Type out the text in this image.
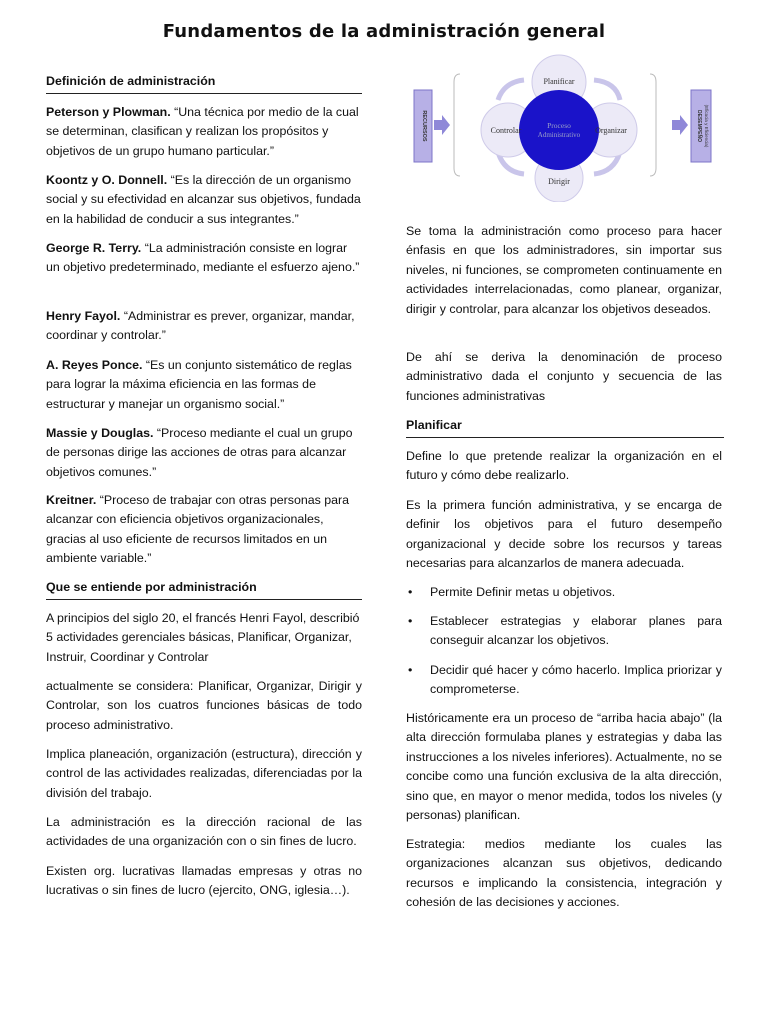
Fundamentos de la administración general
Definición de administración
Peterson y Plowman. “Una técnica por medio de la cual se determinan, clasifican y realizan los propósitos y objetivos de un grupo humano particular.”
Koontz y O. Donnell. “Es la dirección de un organismo social y su efectividad en alcanzar sus objetivos, fundada en la habilidad de conducir a sus integrantes.”
George R. Terry. “La administración consiste en lograr un objetivo predeterminado, mediante el esfuerzo ajeno.”
Henry Fayol. “Administrar es prever, organizar, mandar, coordinar y controlar.”
A. Reyes Ponce. “Es un conjunto sistemático de reglas para lograr la máxima eficiencia en las formas de estructurar y manejar un organismo social.”
Massie y Douglas. “Proceso mediante el cual un grupo de personas dirige las acciones de otras para alcanzar objetivos comunes.”
Kreitner. “Proceso de trabajar con otras personas para alcanzar con eficiencia objetivos organizacionales, gracias al uso eficiente de recursos limitados en un ambiente variable.”
Que se entiende por administración
A principios del siglo 20, el francés Henri Fayol, describió 5 actividades gerenciales básicas, Planificar, Organizar, Instruir, Coordinar y Controlar
actualmente se considera: Planificar, Organizar, Dirigir y Controlar, son los cuatros funciones básicas de todo proceso administrativo.
Implica planeación, organización (estructura), dirección y control de las actividades realizadas, diferenciadas por la división del trabajo.
La administración es la dirección racional de las actividades de una organización con o sin fines de lucro.
Existen org. lucrativas llamadas empresas y otras no lucrativas o sin fines de lucro (ejercito, ONG, iglesia…).
RECURSOS	DESEMPEÑO (Eficacia y Eficiencia)
Planificar
Controlar	Organizar
Dirigir
Proceso
Administrativo
Se toma la administración como proceso para hacer énfasis en que los administradores, sin importar sus niveles, ni funciones, se comprometen continuamente en actividades interrelacionadas, como planear, organizar, dirigir y controlar, para alcanzar los objetivos deseados.
De ahí se deriva la denominación de proceso administrativo dada el conjunto y secuencia de las funciones administrativas
Planificar
Define lo que pretende realizar la organización en el futuro y cómo debe realizarlo.
Es la primera función administrativa, y se encarga de definir los objetivos para el futuro desempeño organizacional y decide sobre los recursos y tareas necesarias para alcanzarlos de manera adecuada.
• Permite Definir metas u objetivos.
• Establecer estrategias y elaborar planes para conseguir alcanzar los objetivos.
• Decidir qué hacer y cómo hacerlo. Implica priorizar y comprometerse.
Históricamente era un proceso de “arriba hacia abajo” (la alta dirección formulaba planes y estrategias y daba las instrucciones a los niveles inferiores). Actualmente, no se concibe como una función exclusiva de la alta dirección, sino que, en mayor o menor medida, todos los niveles (y personas) planifican.
Estrategia: medios mediante los cuales las organizaciones alcanzan sus objetivos, dedicando recursos e implicando la consistencia, integración y cohesión de las decisiones y acciones.
